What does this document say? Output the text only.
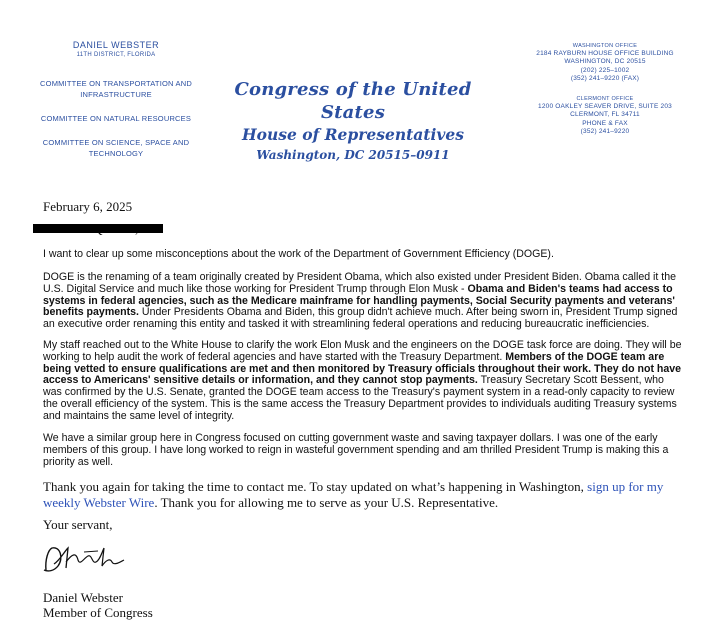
DANIEL WEBSTER
11TH DISTRICT, FLORIDA
COMMITTEE ON TRANSPORTATION AND INFRASTRUCTURE
COMMITTEE ON NATURAL RESOURCES
COMMITTEE ON SCIENCE, SPACE AND TECHNOLOGY
Congress of the United States
House of Representatives
Washington, DC 20515–0911
WASHINGTON OFFICE
2184 RAYBURN HOUSE OFFICE BUILDING
WASHINGTON, DC 20515
(202) 225–1002
(352) 241–9220 (FAX)
CLERMONT OFFICE
1200 OAKLEY SEAVER DRIVE, SUITE 203
CLERMONT, FL 34711
PHONE & FAX
(352) 241–9220
February 6, 2025
I want to clear up some misconceptions about the work of the Department of Government Efficiency (DOGE).
DOGE is the renaming of a team originally created by President Obama, which also existed under President Biden. Obama called it the U.S. Digital Service and much like those working for President Trump through Elon Musk - Obama and Biden's teams had access to systems in federal agencies, such as the Medicare mainframe for handling payments, Social Security payments and veterans' benefits payments. Under Presidents Obama and Biden, this group didn't achieve much. After being sworn in, President Trump signed an executive order renaming this entity and tasked it with streamlining federal operations and reducing bureaucratic inefficiencies.
My staff reached out to the White House to clarify the work Elon Musk and the engineers on the DOGE task force are doing. They will be working to help audit the work of federal agencies and have started with the Treasury Department. Members of the DOGE team are being vetted to ensure qualifications are met and then monitored by Treasury officials throughout their work. They do not have access to Americans' sensitive details or information, and they cannot stop payments. Treasury Secretary Scott Bessent, who was confirmed by the U.S. Senate, granted the DOGE team access to the Treasury's payment system in a read-only capacity to review the overall efficiency of the system. This is the same access the Treasury Department provides to individuals auditing Treasury systems and maintains the same level of integrity.
We have a similar group here in Congress focused on cutting government waste and saving taxpayer dollars. I was one of the early members of this group. I have long worked to reign in wasteful government spending and am thrilled President Trump is making this a priority as well.
Thank you again for taking the time to contact me. To stay updated on what’s happening in Washington, sign up for my weekly Webster Wire. Thank you for allowing me to serve as your U.S. Representative.
Your servant,
Daniel Webster
Member of Congress
